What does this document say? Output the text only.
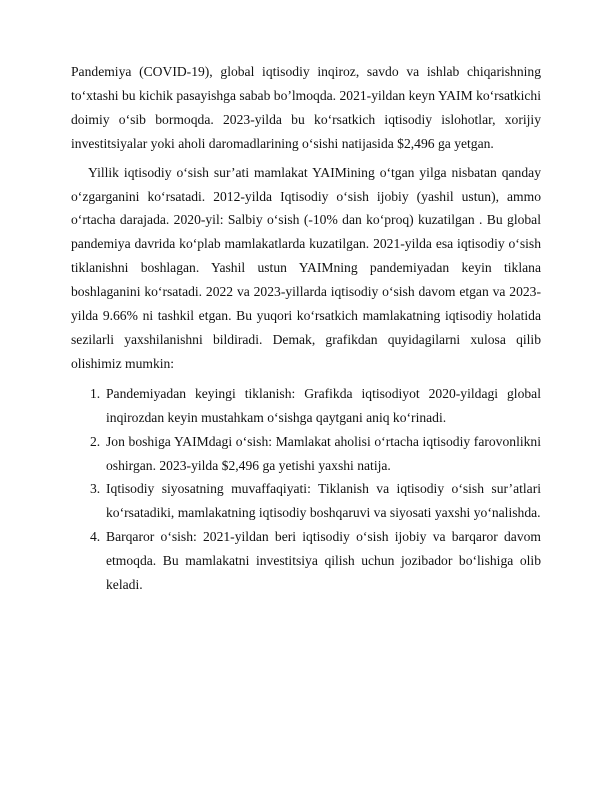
Pandemiya (COVID-19), global iqtisodiy inqiroz, savdo va ishlab chiqarishning to‘xtashi bu kichik pasayishga sabab bo’lmoqda. 2021-yildan keyn YAIM ko‘rsatkichi doimiy o‘sib bormoqda. 2023-yilda bu ko‘rsatkich iqtisodiy islohotlar, xorijiy investitsiyalar yoki aholi daromadlarining o‘sishi natijasida $2,496 ga yetgan.

Yillik iqtisodiy o‘sish sur’ati mamlakat YAIMining o‘tgan yilga nisbatan qanday o‘zgarganini ko‘rsatadi. 2012-yilda Iqtisodiy o‘sish ijobiy (yashil ustun), ammo o‘rtacha darajada. 2020-yil: Salbiy o‘sish (-10% dan ko‘proq) kuzatilgan . Bu global pandemiya davrida ko‘plab mamlakatlarda kuzatilgan. 2021-yilda esa iqtisodiy o‘sish tiklanishni boshlagan. Yashil ustun YAIMning pandemiyadan keyin tiklana boshlaganini ko‘rsatadi. 2022 va 2023-yillarda iqtisodiy o‘sish davom etgan va 2023-yilda 9.66% ni tashkil etgan. Bu yuqori ko‘rsatkich mamlakatning iqtisodiy holatida sezilarli yaxshilanishni bildiradi. Demak, grafikdan quyidagilarni xulosa qilib olishimiz mumkin:

1. Pandemiyadan keyingi tiklanish: Grafikda iqtisodiyot 2020-yildagi global inqirozdan keyin mustahkam o‘sishga qaytgani aniq ko‘rinadi.
2. Jon boshiga YAIMdagi o‘sish: Mamlakat aholisi o‘rtacha iqtisodiy farovonlikni oshirgan. 2023-yilda $2,496 ga yetishi yaxshi natija.
3. Iqtisodiy siyosatning muvaffaqiyati: Tiklanish va iqtisodiy o‘sish sur’atlari ko‘rsatadiki, mamlakatning iqtisodiy boshqaruvi va siyosati yaxshi yo‘nalishda.
4. Barqaror o‘sish: 2021-yildan beri iqtisodiy o‘sish ijobiy va barqaror davom etmoqda. Bu mamlakatni investitsiya qilish uchun jozibador bo‘lishiga olib keladi.
